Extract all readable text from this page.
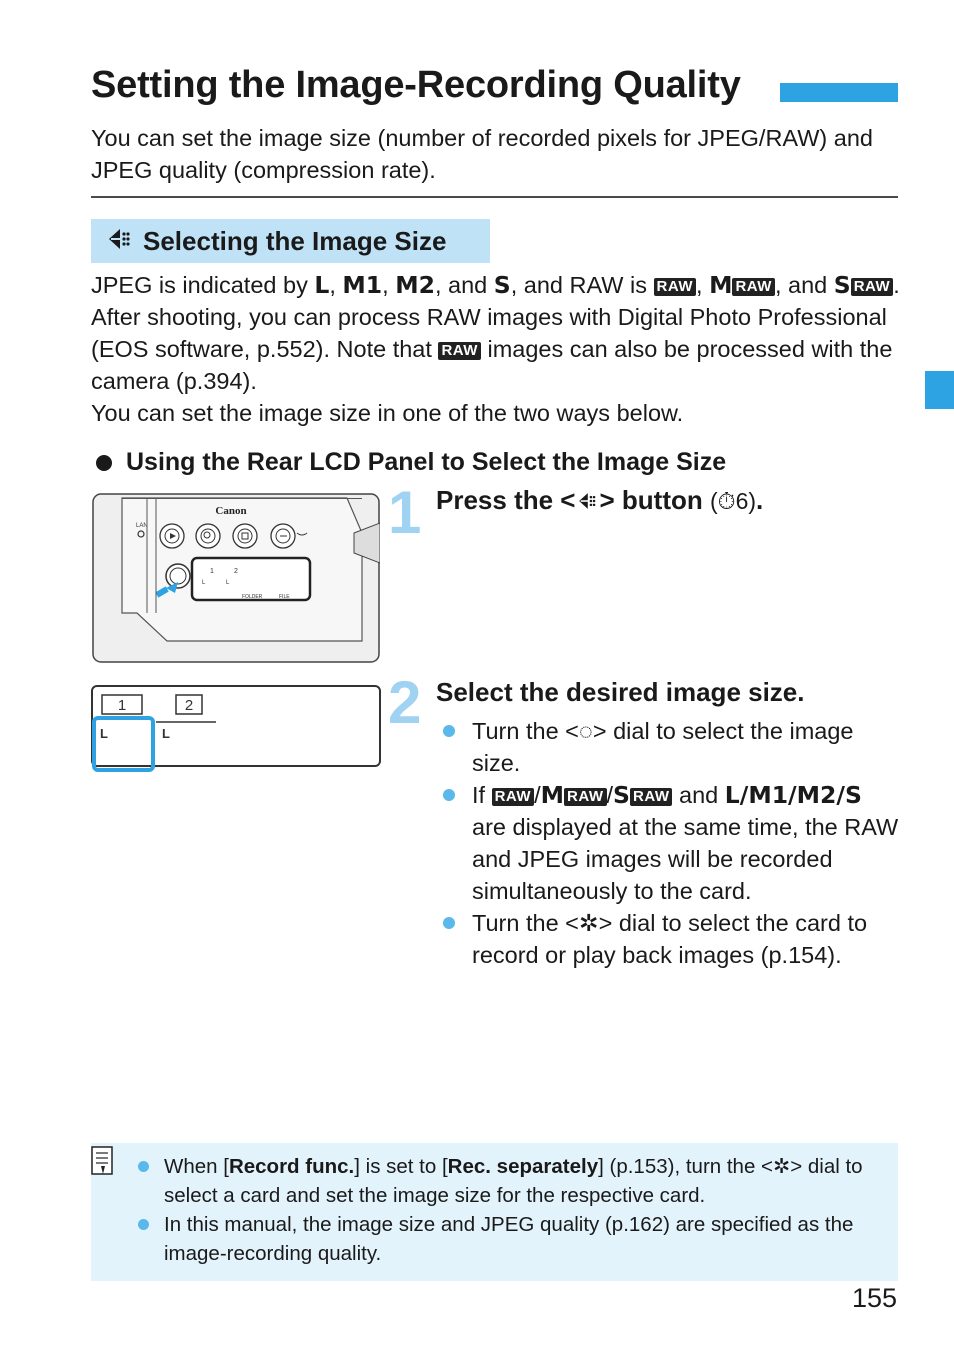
Setting the Image-Recording Quality
You can set the image size (number of recorded pixels for JPEG/RAW) and JPEG quality (compression rate).
Selecting the Image Size
JPEG is indicated by L, M1, M2, and S, and RAW is RAW , M RAW , and S RAW . After shooting, you can process RAW images with Digital Photo Professional (EOS software, p.552). Note that RAW images can also be processed with the camera (p.394).
You can set the image size in one of the two ways below.
Using the Rear LCD Panel to Select the Image Size
Canon
LAN
1	2
L	L
FOLDER	FILE
1	2
L	L
1 Press the < > button (⏱6).
2 Select the desired image size.
Turn the <◌> dial to select the image size.
If RAW /M RAW /S RAW and L/M1/M2/S are displayed at the same time, the RAW and JPEG images will be recorded simultaneously to the card.
Turn the <✲> dial to select the card to record or play back images (p.154).
When [Record func.] is set to [Rec. separately] (p.153), turn the <✲> dial to select a card and set the image size for the respective card.
In this manual, the image size and JPEG quality (p.162) are specified as the image-recording quality.
155
